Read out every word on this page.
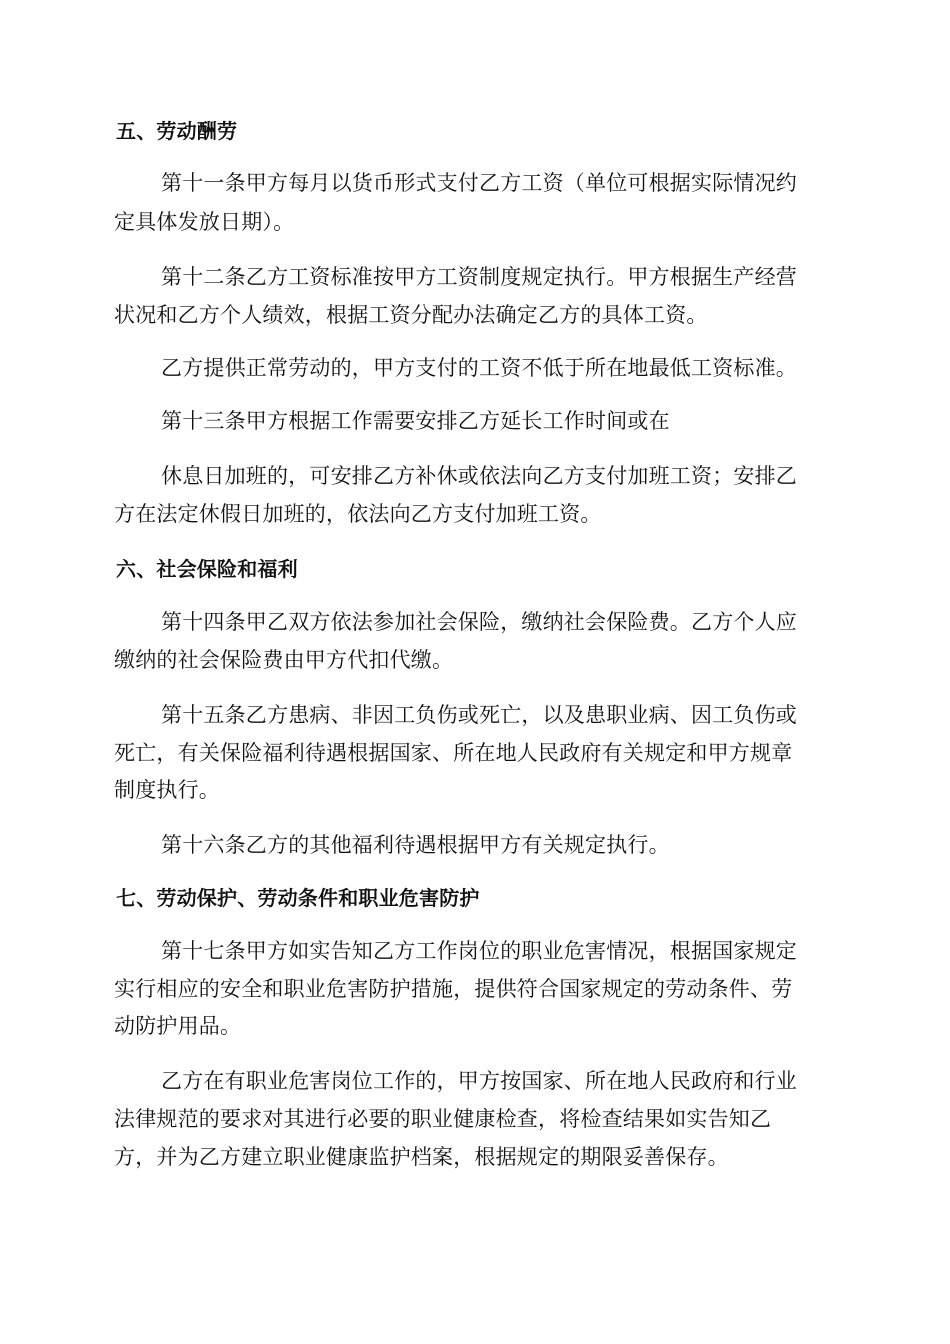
五、劳动酬劳

第十一条甲方每月以货币形式支付乙方工资（单位可根据实际情况约

定具体发放日期）。

第十二条乙方工资标准按甲方工资制度规定执行。甲方根据生产经营

状况和乙方个人绩效，根据工资分配办法确定乙方的具体工资。

乙方提供正常劳动的，甲方支付的工资不低于所在地最低工资标准。

第十三条甲方根据工作需要安排乙方延长工作时间或在

休息日加班的，可安排乙方补休或依法向乙方支付加班工资；安排乙

方在法定休假日加班的，依法向乙方支付加班工资。

六、社会保险和福利

第十四条甲乙双方依法参加社会保险，缴纳社会保险费。乙方个人应

缴纳的社会保险费由甲方代扣代缴。

第十五条乙方患病、非因工负伤或死亡，以及患职业病、因工负伤或

死亡，有关保险福利待遇根据国家、所在地人民政府有关规定和甲方规章

制度执行。

第十六条乙方的其他福利待遇根据甲方有关规定执行。

七、劳动保护、劳动条件和职业危害防护

第十七条甲方如实告知乙方工作岗位的职业危害情况，根据国家规定

实行相应的安全和职业危害防护措施，提供符合国家规定的劳动条件、劳

动防护用品。

乙方在有职业危害岗位工作的，甲方按国家、所在地人民政府和行业

法律规范的要求对其进行必要的职业健康检查，将检查结果如实告知乙

方，并为乙方建立职业健康监护档案，根据规定的期限妥善保存。
